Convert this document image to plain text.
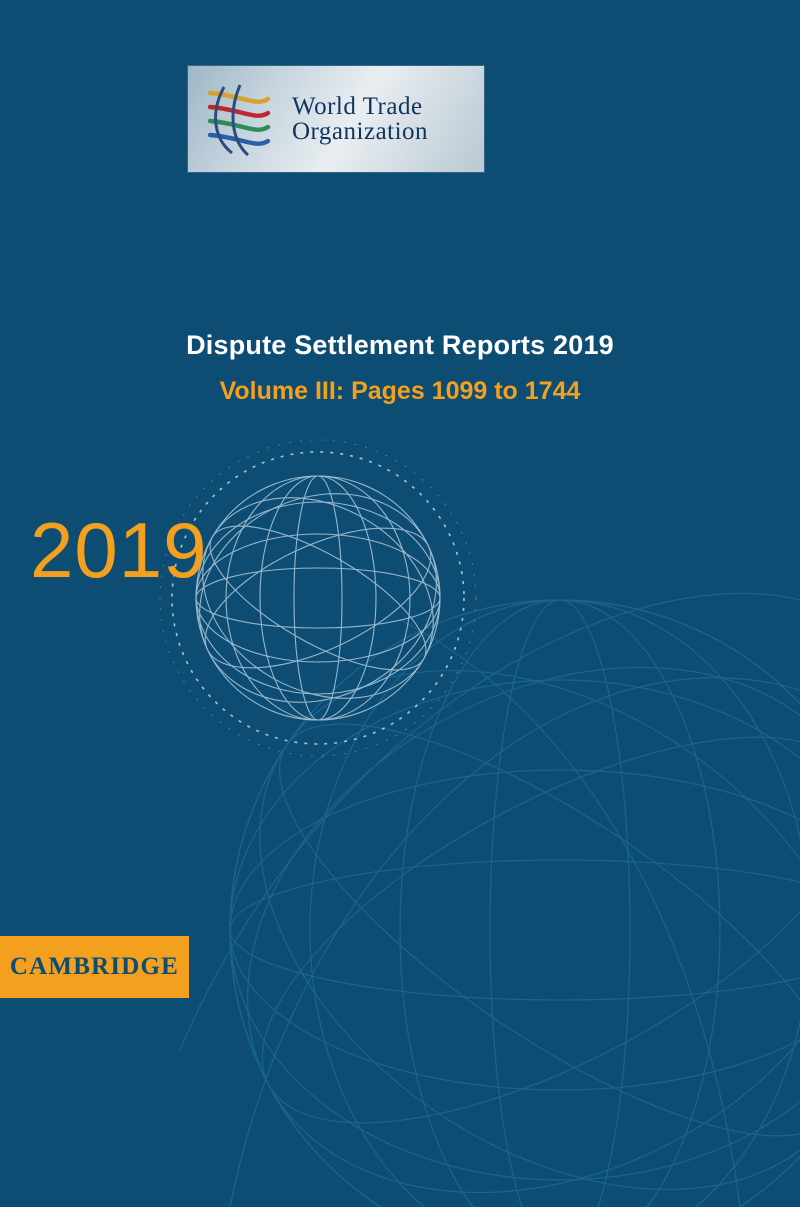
World Trade
Organization
Dispute Settlement Reports 2019
Volume III: Pages 1099 to 1744
2019
CAMBRIDGE
